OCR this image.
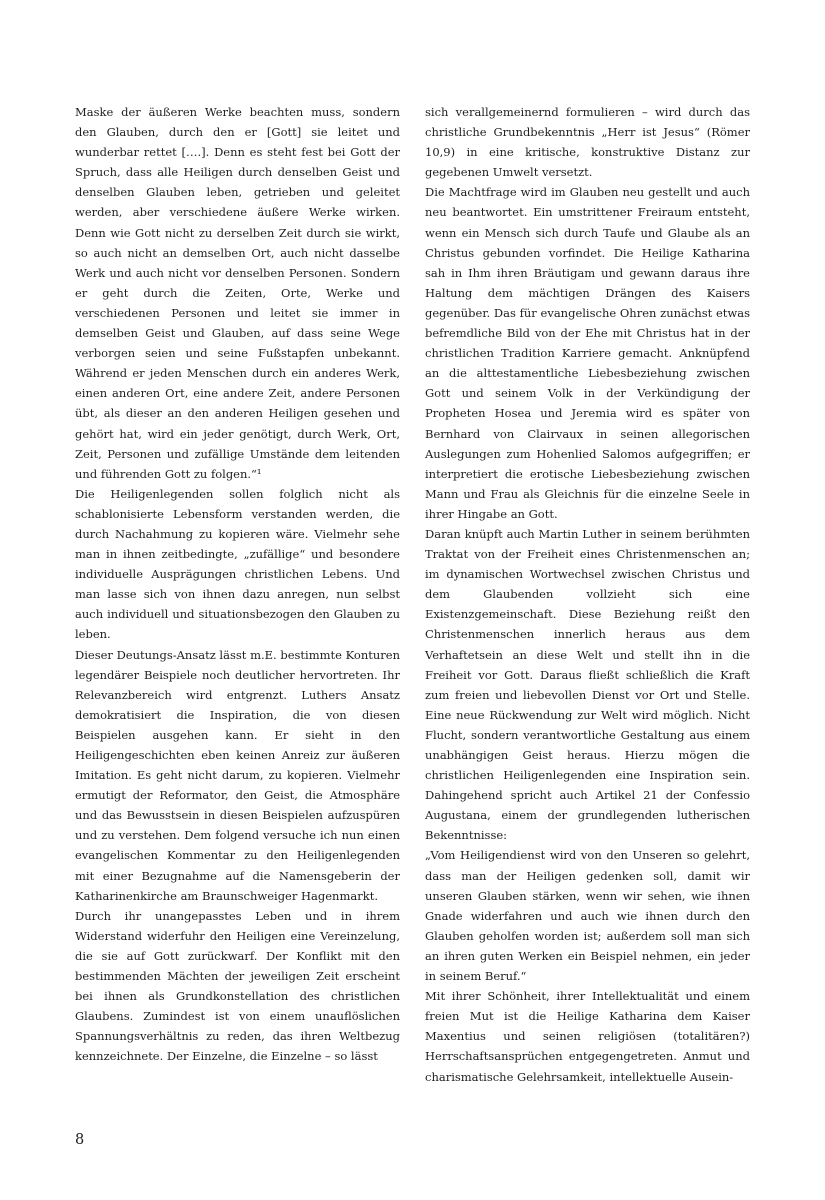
Maske der äußeren Werke beachten muss, sondern den Glauben, durch den er [Gott] sie leitet und wunderbar rettet [….]. Denn es steht fest bei Gott der Spruch, dass alle Heiligen durch denselben Geist und denselben Glauben leben, getrieben und geleitet werden, aber verschiedene äußere Werke wirken. Denn wie Gott nicht zu derselben Zeit durch sie wirkt, so auch nicht an demselben Ort, auch nicht dasselbe Werk und auch nicht vor denselben Personen. Sondern er geht durch die Zeiten, Orte, Werke und verschiedenen Personen und leitet sie immer in demselben Geist und Glauben, auf dass seine Wege verborgen seien und seine Fußstapfen unbekannt. Während er jeden Menschen durch ein anderes Werk, einen anderen Ort, eine andere Zeit, andere Personen übt, als dieser an den anderen Heiligen gesehen und gehört hat, wird ein jeder genötigt, durch Werk, Ort, Zeit, Personen und zufällige Umstände dem leitenden und führenden Gott zu folgen.“¹

Die Heiligenlegenden sollen folglich nicht als schablonisierte Lebensform verstanden werden, die durch Nachahmung zu kopieren wäre. Vielmehr sehe man in ihnen zeitbedingte, „zufällige“ und besondere individuelle Ausprägungen christlichen Lebens. Und man lasse sich von ihnen dazu anregen, nun selbst auch individuell und situationsbezogen den Glauben zu leben.

Dieser Deutungs-Ansatz lässt m.E. bestimmte Konturen legendärer Beispiele noch deutlicher hervortreten. Ihr Relevanzbereich wird entgrenzt. Luthers Ansatz demokratisiert die Inspiration, die von diesen Beispielen ausgehen kann. Er sieht in den Heiligengeschichten eben keinen Anreiz zur äußeren Imitation. Es geht nicht darum, zu kopieren. Vielmehr ermutigt der Reformator, den Geist, die Atmosphäre und das Bewusstsein in diesen Beispielen aufzuspüren und zu verstehen. Dem folgend versuche ich nun einen evangelischen Kommentar zu den Heiligenlegenden mit einer Bezugnahme auf die Namensgeberin der Katharinenkirche am Braunschweiger Hagenmarkt.

Durch ihr unangepasstes Leben und in ihrem Widerstand widerfuhr den Heiligen eine Vereinzelung, die sie auf Gott zurückwarf. Der Konflikt mit den bestimmenden Mächten der jeweiligen Zeit erscheint bei ihnen als Grundkonstellation des christlichen Glaubens. Zumindest ist von einem unauflöslichen Spannungsverhältnis zu reden, das ihren Weltbezug kennzeichnete. Der Einzelne, die Einzelne – so lässt

sich verallgemeinernd formulieren – wird durch das christliche Grundbekenntnis „Herr ist Jesus“ (Römer 10,9) in eine kritische, konstruktive Distanz zur gegebenen Umwelt versetzt.

Die Machtfrage wird im Glauben neu gestellt und auch neu beantwortet. Ein umstrittener Freiraum entsteht, wenn ein Mensch sich durch Taufe und Glaube als an Christus gebunden vorfindet. Die Heilige Katharina sah in Ihm ihren Bräutigam und gewann daraus ihre Haltung dem mächtigen Drängen des Kaisers gegenüber. Das für evangelische Ohren zunächst etwas befremdliche Bild von der Ehe mit Christus hat in der christlichen Tradition Karriere gemacht. Anknüpfend an die alttestamentliche Liebesbeziehung zwischen Gott und seinem Volk in der Verkündigung der Propheten Hosea und Jeremia wird es später von Bernhard von Clairvaux in seinen allegorischen Auslegungen zum Hohenlied Salomos aufgegriffen; er interpretiert die erotische Liebesbeziehung zwischen Mann und Frau als Gleichnis für die einzelne Seele in ihrer Hingabe an Gott.

Daran knüpft auch Martin Luther in seinem berühmten Traktat von der Freiheit eines Christenmenschen an; im dynamischen Wortwechsel zwischen Christus und dem Glaubenden vollzieht sich eine Existenzgemeinschaft. Diese Beziehung reißt den Christenmenschen innerlich heraus aus dem Verhaftetsein an diese Welt und stellt ihn in die Freiheit vor Gott. Daraus fließt schließlich die Kraft zum freien und liebevollen Dienst vor Ort und Stelle. Eine neue Rückwendung zur Welt wird möglich. Nicht Flucht, sondern verantwortliche Gestaltung aus einem unabhängigen Geist heraus. Hierzu mögen die christlichen Heiligenlegenden eine Inspiration sein. Dahingehend spricht auch Artikel 21 der Confessio Augustana, einem der grundlegenden lutherischen Bekenntnisse:

„Vom Heiligendienst wird von den Unseren so gelehrt, dass man der Heiligen gedenken soll, damit wir unseren Glauben stärken, wenn wir sehen, wie ihnen Gnade widerfahren und auch wie ihnen durch den Glauben geholfen worden ist; außerdem soll man sich an ihren guten Werken ein Beispiel nehmen, ein jeder in seinem Beruf.“

Mit ihrer Schönheit, ihrer Intellektualität und einem freien Mut ist die Heilige Katharina dem Kaiser Maxentius und seinen religiösen (totalitären?) Herrschaftsansprüchen entgegengetreten. Anmut und charismatische Gelehrsamkeit, intellektuelle Ausein-

8
